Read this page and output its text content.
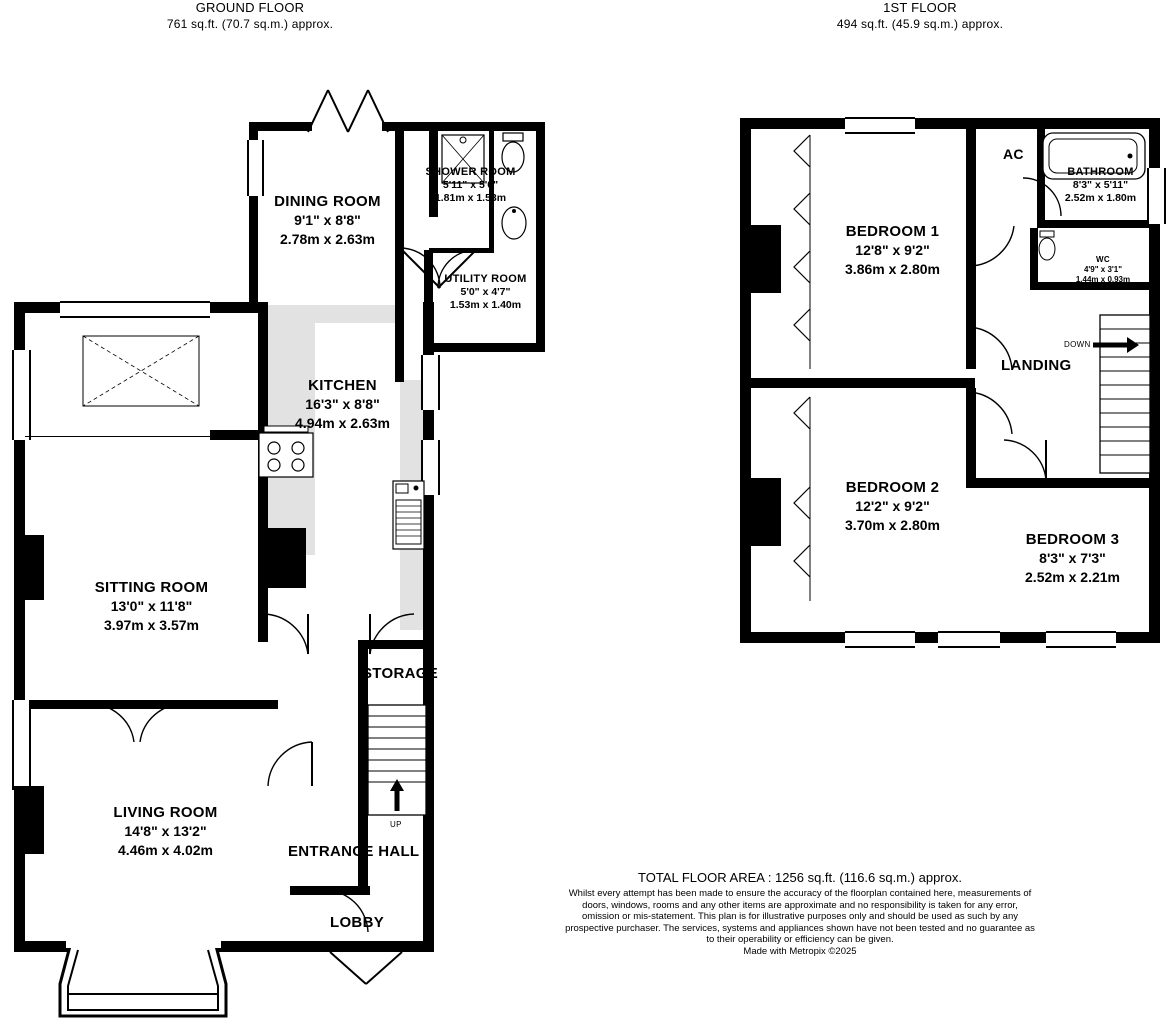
GROUND FLOOR
761 sq.ft. (70.7 sq.m.) approx.
1ST FLOOR
494 sq.ft. (45.9 sq.m.) approx.
SHOWER ROOM
5'11" x 5'0"
1.81m x 1.53m
UTILITY ROOM
5'0" x 4'7"
1.53m x 1.40m
DINING ROOM
9'1" x 8'8"
2.78m x 2.63m
UP
KITCHEN
16'3" x 8'8"
4.94m x 2.63m
SITTING ROOM
13'0" x 11'8"
3.97m x 3.57m
LIVING ROOM
14'8" x 13'2"
4.46m x 4.02m
STORAGE
ENTRANCE HALL
LOBBY
DOWN
BEDROOM 1
12'8" x 9'2"
3.86m x 2.80m
BEDROOM 2
12'2" x 9'2"
3.70m x 2.80m
BEDROOM 3
8'3" x 7'3"
2.52m x 2.21m
BATHROOM
8'3" x 5'11"
2.52m x 1.80m
WC
4'9" x 3'1"
1.44m x 0.93m
LANDING
AC
TOTAL FLOOR AREA : 1256 sq.ft. (116.6 sq.m.) approx.
Whilst every attempt has been made to ensure the accuracy of the floorplan contained here, measurements of doors, windows, rooms and any other items are approximate and no responsibility is taken for any error, omission or mis-statement. This plan is for illustrative purposes only and should be used as such by any prospective purchaser. The services, systems and appliances shown have not been tested and no guarantee as to their operability or efficiency can be given.
Made with Metropix ©2025
